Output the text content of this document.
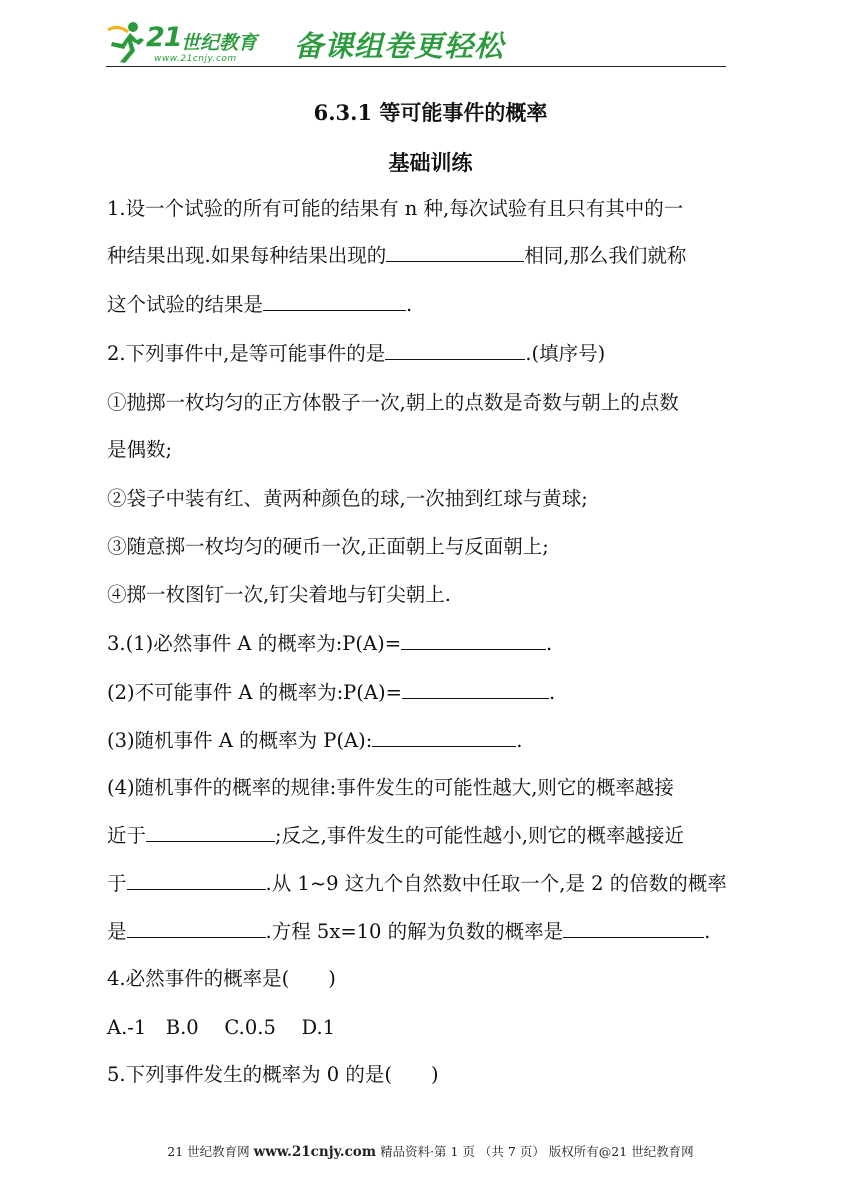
21 世纪教育
www.21cnjy.com 备课组卷更轻松
6.3.1 等可能事件的概率
基础训练
1.设一个试验的所有可能的结果有 n 种,每次试验有且只有其中的一
种结果出现.如果每种结果出现的	相同,那么我们就称
这个试验的结果是	.
2.下列事件中,是等可能事件的是	.(填序号)
①抛掷一枚均匀的正方体骰子一次,朝上的点数是奇数与朝上的点数
是偶数;
②袋子中装有红、黄两种颜色的球,一次抽到红球与黄球;
③随意掷一枚均匀的硬币一次,正面朝上与反面朝上;
④掷一枚图钉一次,钉尖着地与钉尖朝上.
3.(1)必然事件 A 的概率为:P(A)=	.
(2)不可能事件 A 的概率为:P(A)=	.
(3)随机事件 A 的概率为 P(A):	.
(4)随机事件的概率的规律:事件发生的可能性越大,则它的概率越接
近于	;反之,事件发生的可能性越小,则它的概率越接近
于	.从 1~9 这九个自然数中任取一个,是 2 的倍数的概率
是	.方程 5x=10 的解为负数的概率是	.
4.必然事件的概率是(　　)
A.-1　B.0　 C.0.5　 D.1
5.下列事件发生的概率为 0 的是(　　)
21 世纪教育网 www.21cnjy.com 精品资料·第 1 页 （共 7 页） 版权所有@21 世纪教育网
